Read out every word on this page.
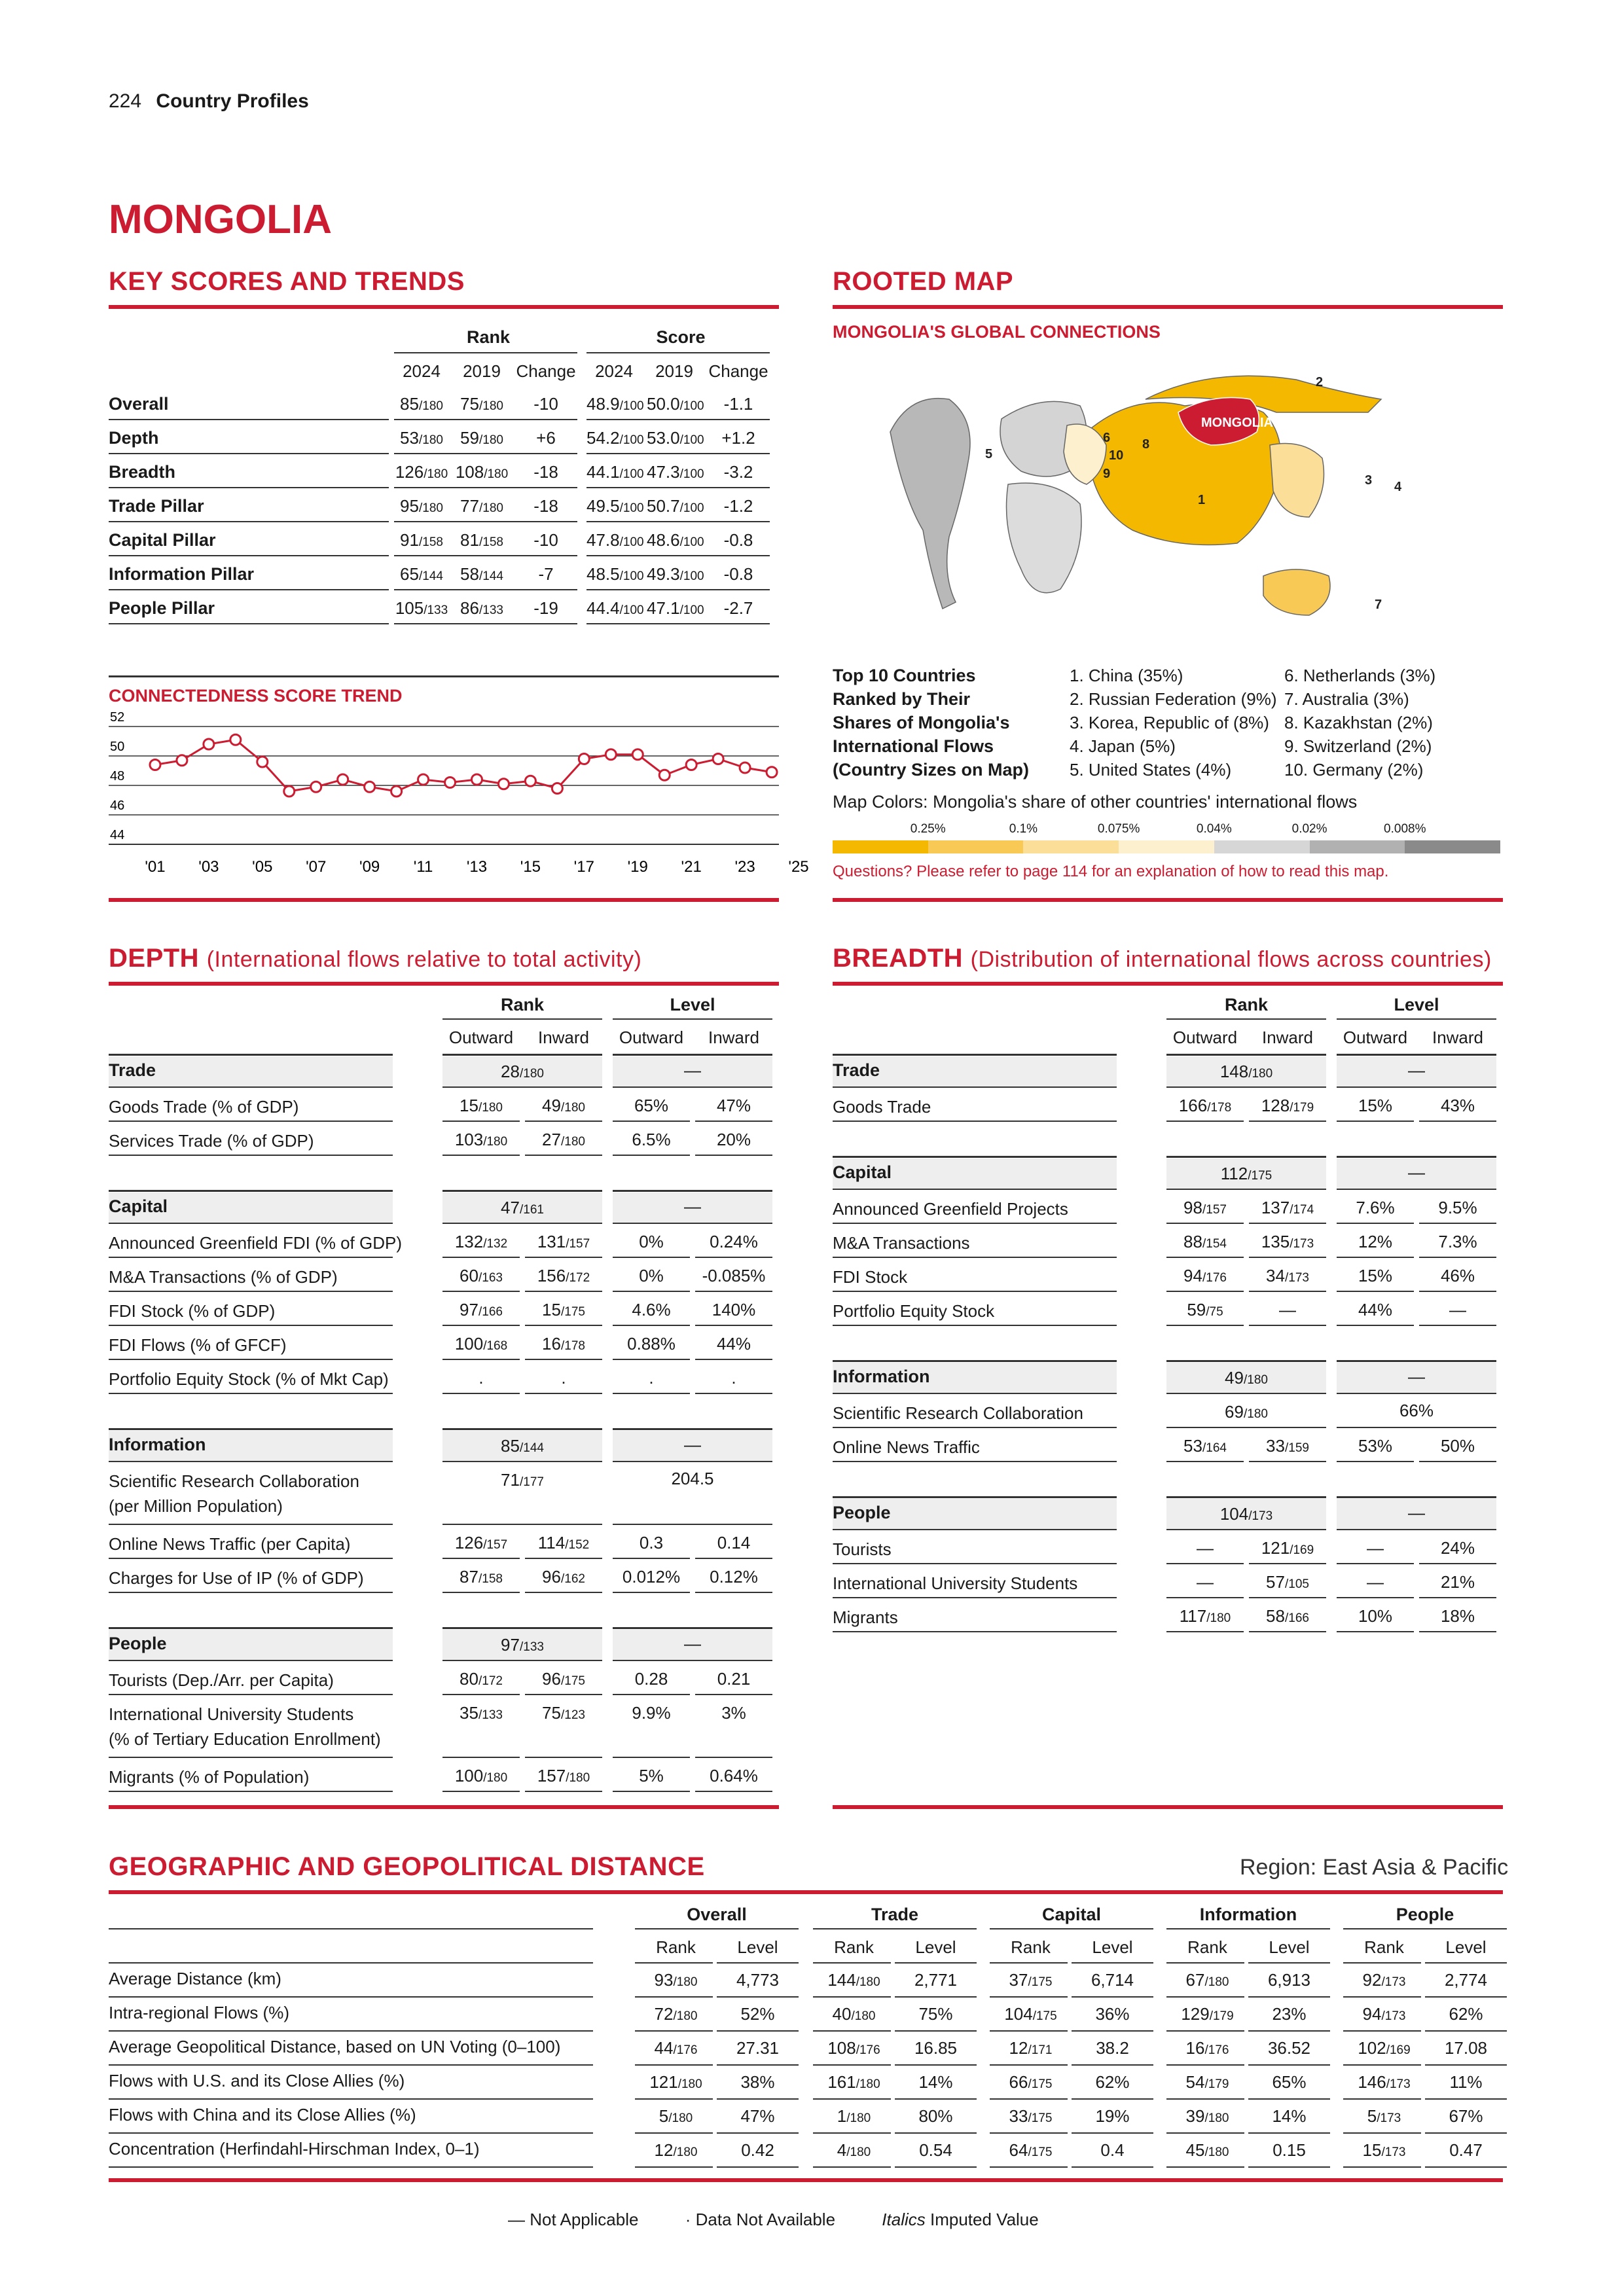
224 Country Profiles
MONGOLIA
KEY SCORES AND TRENDS
Rank	Score
2024	2019 Change	2024	2019 Change
Overall	85/180	75/180	-10	48.9/100 50.0/100	-1.1
Depth	53/180	59/180	+6	54.2/100 53.0/100	+1.2
Breadth	126/180 108/180	-18	44.1/100 47.3/100	-3.2
Trade Pillar	95/180	77/180	-18	49.5/100 50.7/100	-1.2
Capital Pillar	91/158	81/158	-10	47.8/100 48.6/100	-0.8
Information Pillar	65/144	58/144	-7	48.5/100 49.3/100	-0.8
People Pillar	105/133 86/133	-19	44.4/100 47.1/100	-2.7
CONNECTEDNESS SCORE TREND
44
46
48
50
52
'01 '03 '05 '07 '09 '11 '13 '15 '17 '19 '21 '23 '25
ROOTED MAP
MONGOLIA'S GLOBAL CONNECTIONS
MONGOLIA
1
2
3 4
5
6
7
8
9
10
Top 10 Countries
Ranked by Their
Shares of Mongolia's
International Flows
(Country Sizes on Map)
1. China (35%)
2. Russian Federation (9%)
3. Korea, Republic of (8%)
4. Japan (5%)
5. United States (4%)
6. Netherlands (3%)
7. Australia (3%)
8. Kazakhstan (2%)
9. Switzerland (2%)
10. Germany (2%)
Map Colors: Mongolia's share of other countries' international flows
0.25%	0.1%	0.075%	0.04%	0.02%	0.008%
Questions? Please refer to page 114 for an explanation of how to read this map.
DEPTH (International flows relative to total activity)
Rank	Level
Outward	Inward	Outward	Inward
Trade	28/180	—
Goods Trade (% of GDP)	15/180	49/180	65%	47%
Services Trade (% of GDP)	103/180	27/180	6.5%	20%
Capital	47/161	—
Announced Greenfield FDI (% of GDP)	132/132	131/157	0%	0.24%
M&A Transactions (% of GDP)	60/163	156/172	0%	-0.085%
FDI Stock (% of GDP)	97/166	15/175	4.6%	140%
FDI Flows (% of GFCF)	100/168	16/178	0.88%	44%
Portfolio Equity Stock (% of Mkt Cap)	.	.	.	.
Information	85/144	—
Scientific Research Collaboration
(per Million Population)
71/177	204.5
Online News Traffic (per Capita)	126/157	114/152	0.3	0.14
Charges for Use of IP (% of GDP)	87/158	96/162	0.012%	0.12%
People	97/133	—
Tourists (Dep./Arr. per Capita)	80/172	96/175	0.28	0.21
International University Students
(% of Tertiary Education Enrollment)
35/133	75/123	9.9%	3%
Migrants (% of Population)	100/180	157/180	5%	0.64%
BREADTH (Distribution of international flows across countries)
Rank	Level
Outward	Inward	Outward	Inward
Trade	148/180	—
Goods Trade	166/178	128/179	15%	43%
Capital	112/175	—
Announced Greenfield Projects	98/157	137/174	7.6%	9.5%
M&A Transactions	88/154	135/173	12%	7.3%
FDI Stock	94/176	34/173	15%	46%
Portfolio Equity Stock	59/75	—	44%	—
Information	49/180	—
Scientific Research Collaboration	69/180	66%
Online News Traffic	53/164	33/159	53%	50%
People	104/173	—
Tourists	—	121/169	—	24%
International University Students	—	57/105	—	21%
Migrants	117/180	58/166	10%	18%
GEOGRAPHIC AND GEOPOLITICAL DISTANCE	Region: East Asia & Pacific
Overall
Rank	Level
Trade
Rank	Level
Capital
Rank	Level
Information
Rank	Level
People
Rank	Level
Average Distance (km)	93/180	4,773	144/180	2,771	37/175	6,714	67/180	6,913	92/173	2,774
Intra-regional Flows (%)	72/180	52%	40/180	75%	104/175	36%	129/179	23%	94/173	62%
Average Geopolitical Distance, based on UN Voting (0–100)	44/176	27.31	108/176	16.85	12/171	38.2	16/176	36.52	102/169	17.08
Flows with U.S. and its Close Allies (%)	121/180	38%	161/180	14%	66/175	62%	54/179	65%	146/173	11%
Flows with China and its Close Allies (%)	5/180	47%	1/180	80%	33/175	19%	39/180	14%	5/173	67%
Concentration (Herfindahl-Hirschman Index, 0–1)	12/180	0.42	4/180	0.54	64/175	0.4	45/180	0.15	15/173	0.47
— Not Applicable	· Data Not Available	Italics Imputed Value
